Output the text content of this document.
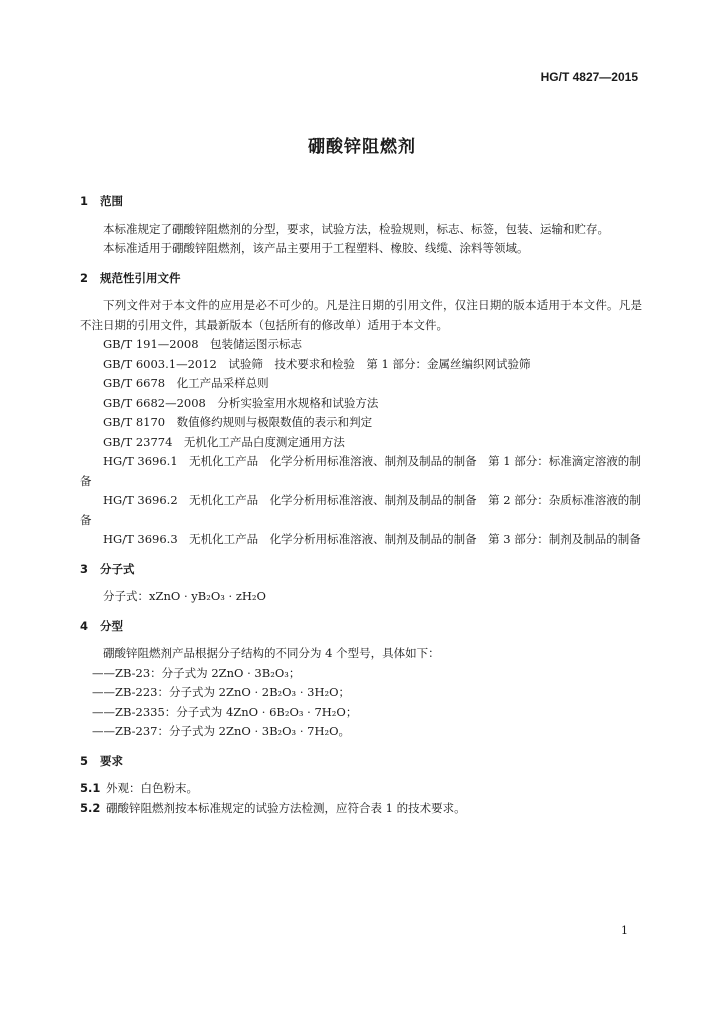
HG/T 4827—2015
硼酸锌阻燃剂
1 范围

本标准规定了硼酸锌阻燃剂的分型，要求，试验方法，检验规则，标志、标签，包装、运输和贮存。

本标准适用于硼酸锌阻燃剂，该产品主要用于工程塑料、橡胶、线缆、涂料等领域。

2 规范性引用文件

下列文件对于本文件的应用是必不可少的。凡是注日期的引用文件，仅注日期的版本适用于本文件。凡是不注日期的引用文件，其最新版本（包括所有的修改单）适用于本文件。

GB/T 191—2008　包装储运图示标志

GB/T 6003.1—2012　试验筛　技术要求和检验　第 1 部分：金属丝编织网试验筛

GB/T 6678　化工产品采样总则

GB/T 6682—2008　分析实验室用水规格和试验方法

GB/T 8170　数值修约规则与极限数值的表示和判定

GB/T 23774　无机化工产品白度测定通用方法

HG/T 3696.1　无机化工产品　化学分析用标准溶液、制剂及制品的制备　第 1 部分：标准滴定溶液的制备

HG/T 3696.2　无机化工产品　化学分析用标准溶液、制剂及制品的制备　第 2 部分：杂质标准溶液的制备

HG/T 3696.3　无机化工产品　化学分析用标准溶液、制剂及制品的制备　第 3 部分：制剂及制品的制备

3 分子式

分子式：xZnO · yB₂O₃ · zH₂O

4 分型

硼酸锌阻燃剂产品根据分子结构的不同分为 4 个型号，具体如下：

——ZB-23：分子式为 2ZnO · 3B₂O₃；

——ZB-223：分子式为 2ZnO · 2B₂O₃ · 3H₂O；

——ZB-2335：分子式为 4ZnO · 6B₂O₃ · 7H₂O；

——ZB-237：分子式为 2ZnO · 3B₂O₃ · 7H₂O。

5 要求

5.1 外观：白色粉末。

5.2 硼酸锌阻燃剂按本标准规定的试验方法检测，应符合表 1 的技术要求。

1
